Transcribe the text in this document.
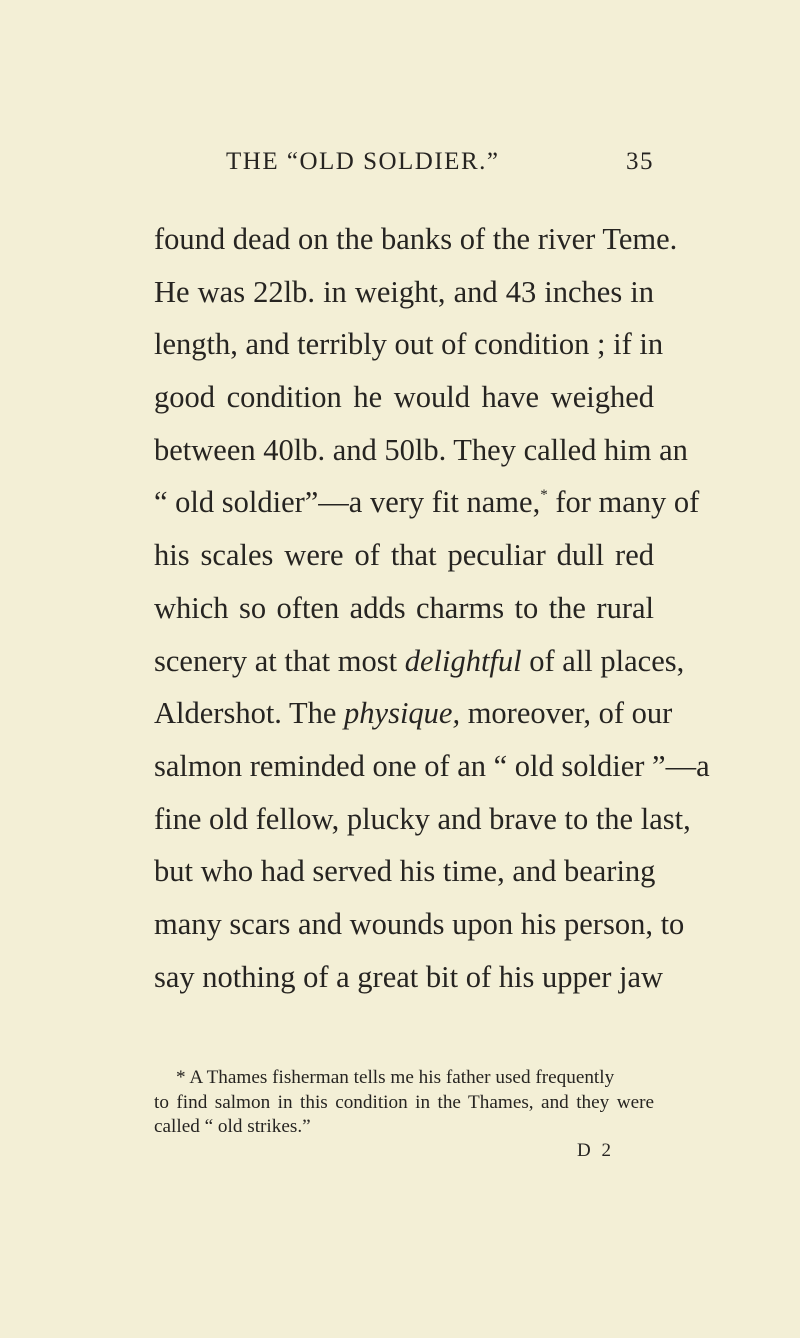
THE “OLD SOLDIER.”	35
found dead on the banks of the river Teme.
He was 22lb. in weight, and 43 inches in
length, and terribly out of condition ; if in
good condition he would have weighed
between 40lb. and 50lb. They called him an
“ old soldier”—a very fit name,* for many of
his scales were of that peculiar dull red
which so often adds charms to the rural
scenery at that most delightful of all places,
Aldershot. The physique, moreover, of our
salmon reminded one of an “ old soldier ”—a
fine old fellow, plucky and brave to the last,
but who had served his time, and bearing
many scars and wounds upon his person, to
say nothing of a great bit of his upper jaw
* A Thames fisherman tells me his father used frequently
to find salmon in this condition in the Thames, and they were
called “ old strikes.”
D 2
